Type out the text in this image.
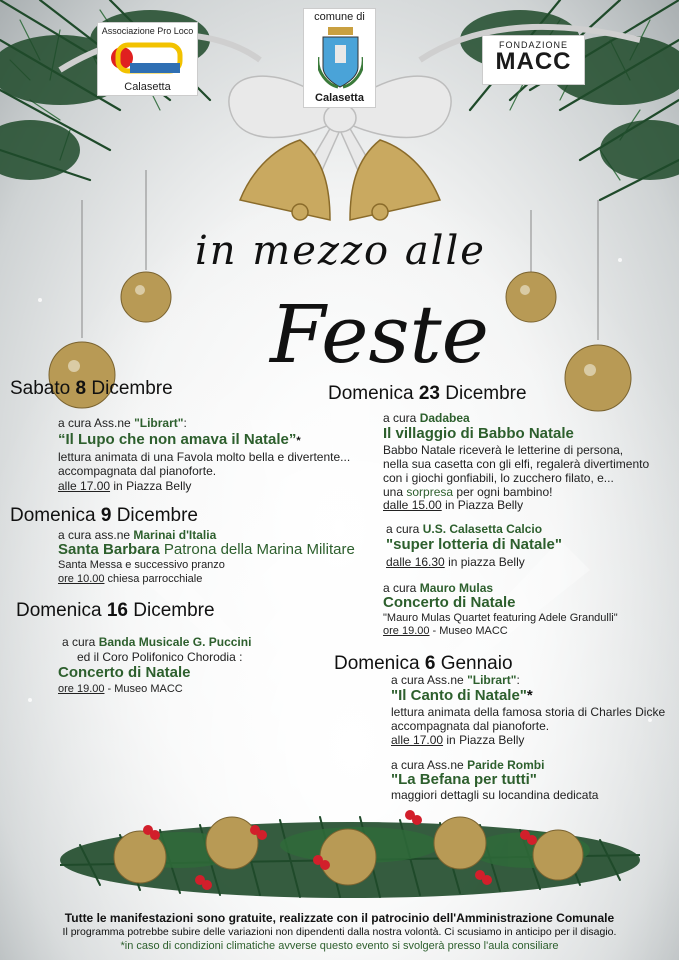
Associazione Pro Loco
Calasetta
comune di
Calasetta
FONDAZIONE
MACC
in mezzo alle
Feste
Sabato 8 Dicembre
a cura Ass.ne "Librart":
“Il Lupo che non amava il Natale”*
lettura animata di una Favola molto bella e divertente...
accompagnata dal pianoforte.
alle 17.00 in Piazza Belly
Domenica 9 Dicembre
a cura ass.ne Marinai d'Italia
Santa Barbara Patrona della Marina Militare
Santa Messa e successivo pranzo
ore 10.00 chiesa parrocchiale
Domenica 16 Dicembre
a cura Banda Musicale G. Puccini
ed il Coro Polifonico Chorodia :
Concerto di Natale
ore 19.00 - Museo MACC
Domenica 23 Dicembre
a cura Dadabea
Il villaggio di Babbo Natale
Babbo Natale riceverà le letterine di persona,
nella sua casetta con gli elfi, regalerà divertimento
con i giochi gonfiabili, lo zucchero filato, e...
una sorpresa per ogni bambino!
dalle 15.00 in Piazza Belly
a cura U.S. Calasetta Calcio
"super lotteria di Natale"
dalle 16.30 in piazza Belly
a cura Mauro Mulas
Concerto di Natale
"Mauro Mulas Quartet featuring Adele Grandulli"
ore 19.00 - Museo MACC
Domenica 6 Gennaio
a cura Ass.ne "Librart":
"Il Canto di Natale"*
lettura animata della famosa storia di Charles Dicke
accompagnata dal pianoforte.
alle 17.00 in Piazza Belly
a cura Ass.ne Paride Rombi
"La Befana per tutti"
maggiori dettagli su locandina dedicata
Tutte le manifestazioni sono gratuite, realizzate con il patrocinio dell'Amministrazione Comunale
Il programma potrebbe subire delle variazioni non dipendenti dalla nostra volontà. Ci scusiamo in anticipo per il disagio.
*in caso di condizioni climatiche avverse questo evento si svolgerà presso l'aula consiliare
